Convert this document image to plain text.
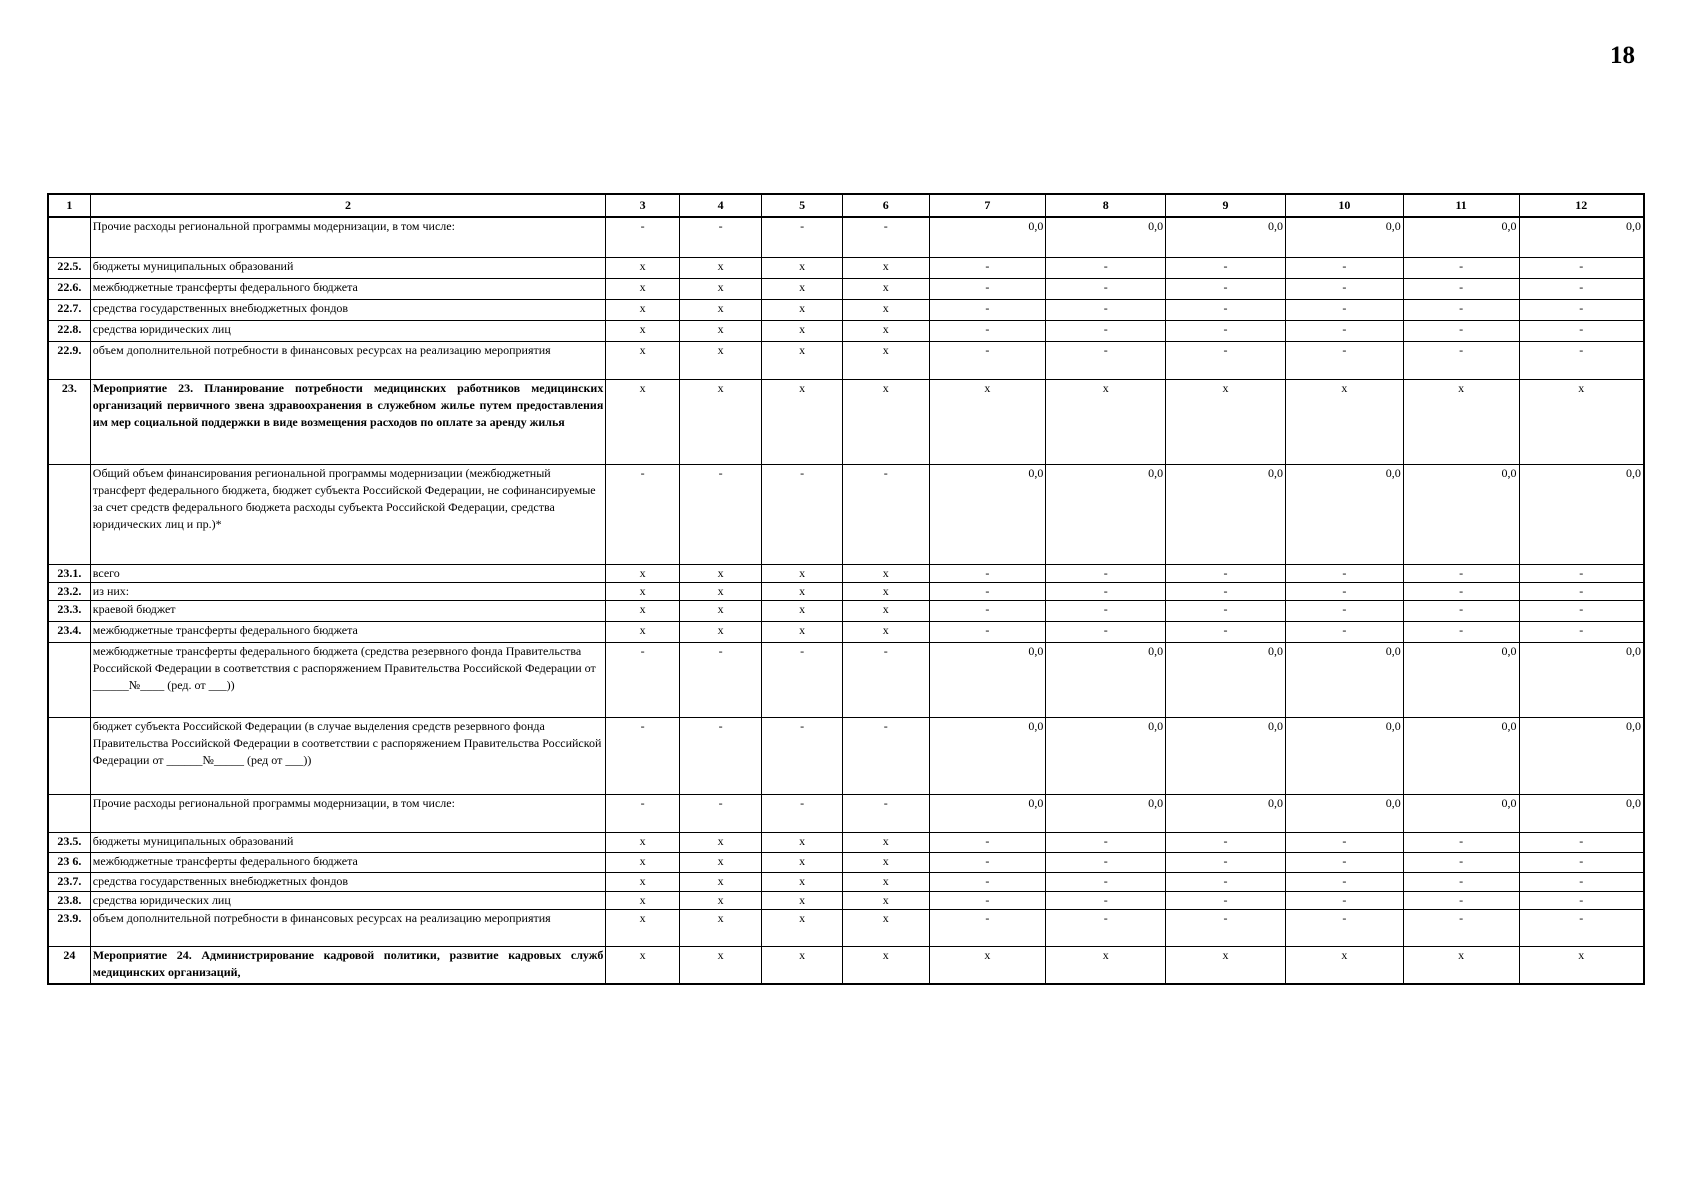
18
1	2	3	4	5	6	7	8	9	10	11	12
	Прочие расходы региональной программы модернизации, в том числе:	-	-	-	-	0,0	0,0	0,0	0,0	0,0	0,0
22.5.	бюджеты муниципальных образований	x	x	x	x	-	-	-	-	-	-
22.6.	межбюджетные трансферты федерального бюджета	x	x	x	x	-	-	-	-	-	-
22.7.	средства государственных внебюджетных фондов	x	x	x	x	-	-	-	-	-	-
22.8.	средства юридических лиц	x	x	x	x	-	-	-	-	-	-
22.9.	объем дополнительной потребности в финансовых ресурсах на реализацию мероприятия	x	x	x	x	-	-	-	-	-	-
23.	Мероприятие 23. Планирование потребности медицинских работников медицинских организаций первичного звена здравоохранения в служебном жилье путем предоставления им мер социальной поддержки в виде возмещения расходов по оплате за аренду жилья	x	x	x	x	x	x	x	x	x	x
	Общий объем финансирования региональной программы модернизации (межбюджетный трансферт федерального бюджета, бюджет субъекта Российской Федерации, не софинансируемые за счет средств федерального бюджета расходы субъекта Российской Федерации, средства юридических лиц и пр.)*	-	-	-	-	0,0	0,0	0,0	0,0	0,0	0,0
23.1.	всего	x	x	x	x	-	-	-	-	-	-
23.2.	из них:	x	x	x	x	-	-	-	-	-	-
23.3.	краевой бюджет	x	x	x	x	-	-	-	-	-	-
23.4.	межбюджетные трансферты федерального бюджета	x	x	x	x	-	-	-	-	-	-
	межбюджетные трансферты федерального бюджета (средства резервного фонда Правительства Российской Федерации в соответствия с распоряжением Правительства Российской Федерации от ______№____ (ред. от ___))	-	-	-	-	0,0	0,0	0,0	0,0	0,0	0,0
	бюджет субъекта Российской Федерации (в случае выделения средств резервного фонда Правительства Российской Федерации в соответствии с распоряжением Правительства Российской Федерации от ______№_____ (ред от ___))	-	-	-	-	0,0	0,0	0,0	0,0	0,0	0,0
	Прочие расходы региональной программы модернизации, в том числе:	-	-	-	-	0,0	0,0	0,0	0,0	0,0	0,0
23.5.	бюджеты муниципальных образований	x	x	x	x	-	-	-	-	-	-
23 6.	межбюджетные трансферты федерального бюджета	x	x	x	x	-	-	-	-	-	-
23.7.	средства государственных внебюджетных фондов	x	x	x	x	-	-	-	-	-	-
23.8.	средства юридических лиц	x	x	x	x	-	-	-	-	-	-
23.9.	объем дополнительной потребности в финансовых ресурсах на реализацию мероприятия	x	x	x	x	-	-	-	-	-	-
24	Мероприятие 24. Администрирование кадровой политики, развитие кадровых служб медицинских организаций,	x	x	x	x	x	x	x	x	x	x
